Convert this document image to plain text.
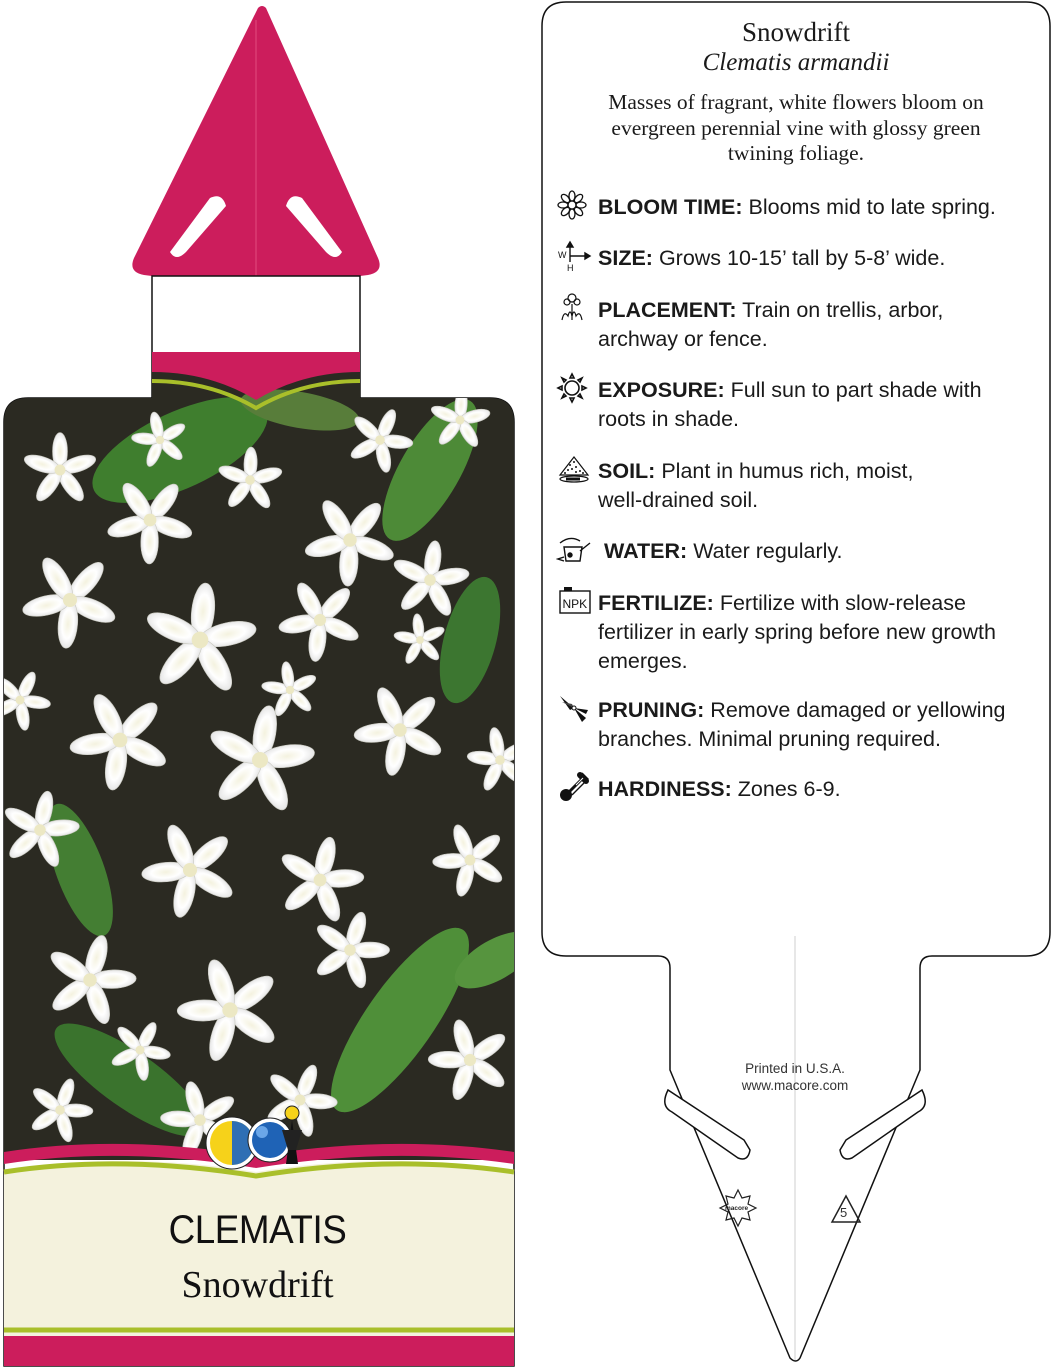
Snowdrift
Clematis armandii
Masses of fragrant, white flowers bloom on
evergreen perennial vine with glossy green
twining foliage.
BLOOM TIME: Blooms mid to late spring.
W
H SIZE: Grows 10-15’ tall by 5-8’ wide.
PLACEMENT: Train on trellis, arbor,
archway or fence.
EXPOSURE: Full sun to part shade with
roots in shade.
SOIL: Plant in humus rich, moist,
well-drained soil.
WATER: Water regularly.
NPK FERTILIZE: Fertilize with slow-release
fertilizer in early spring before new growth
emerges.
PRUNING: Remove damaged or yellowing
branches. Minimal pruning required.
HARDINESS: Zones 6-9.
Printed in U.S.A.
www.macore.com
macore	5
CLEMATIS
Snowdrift
